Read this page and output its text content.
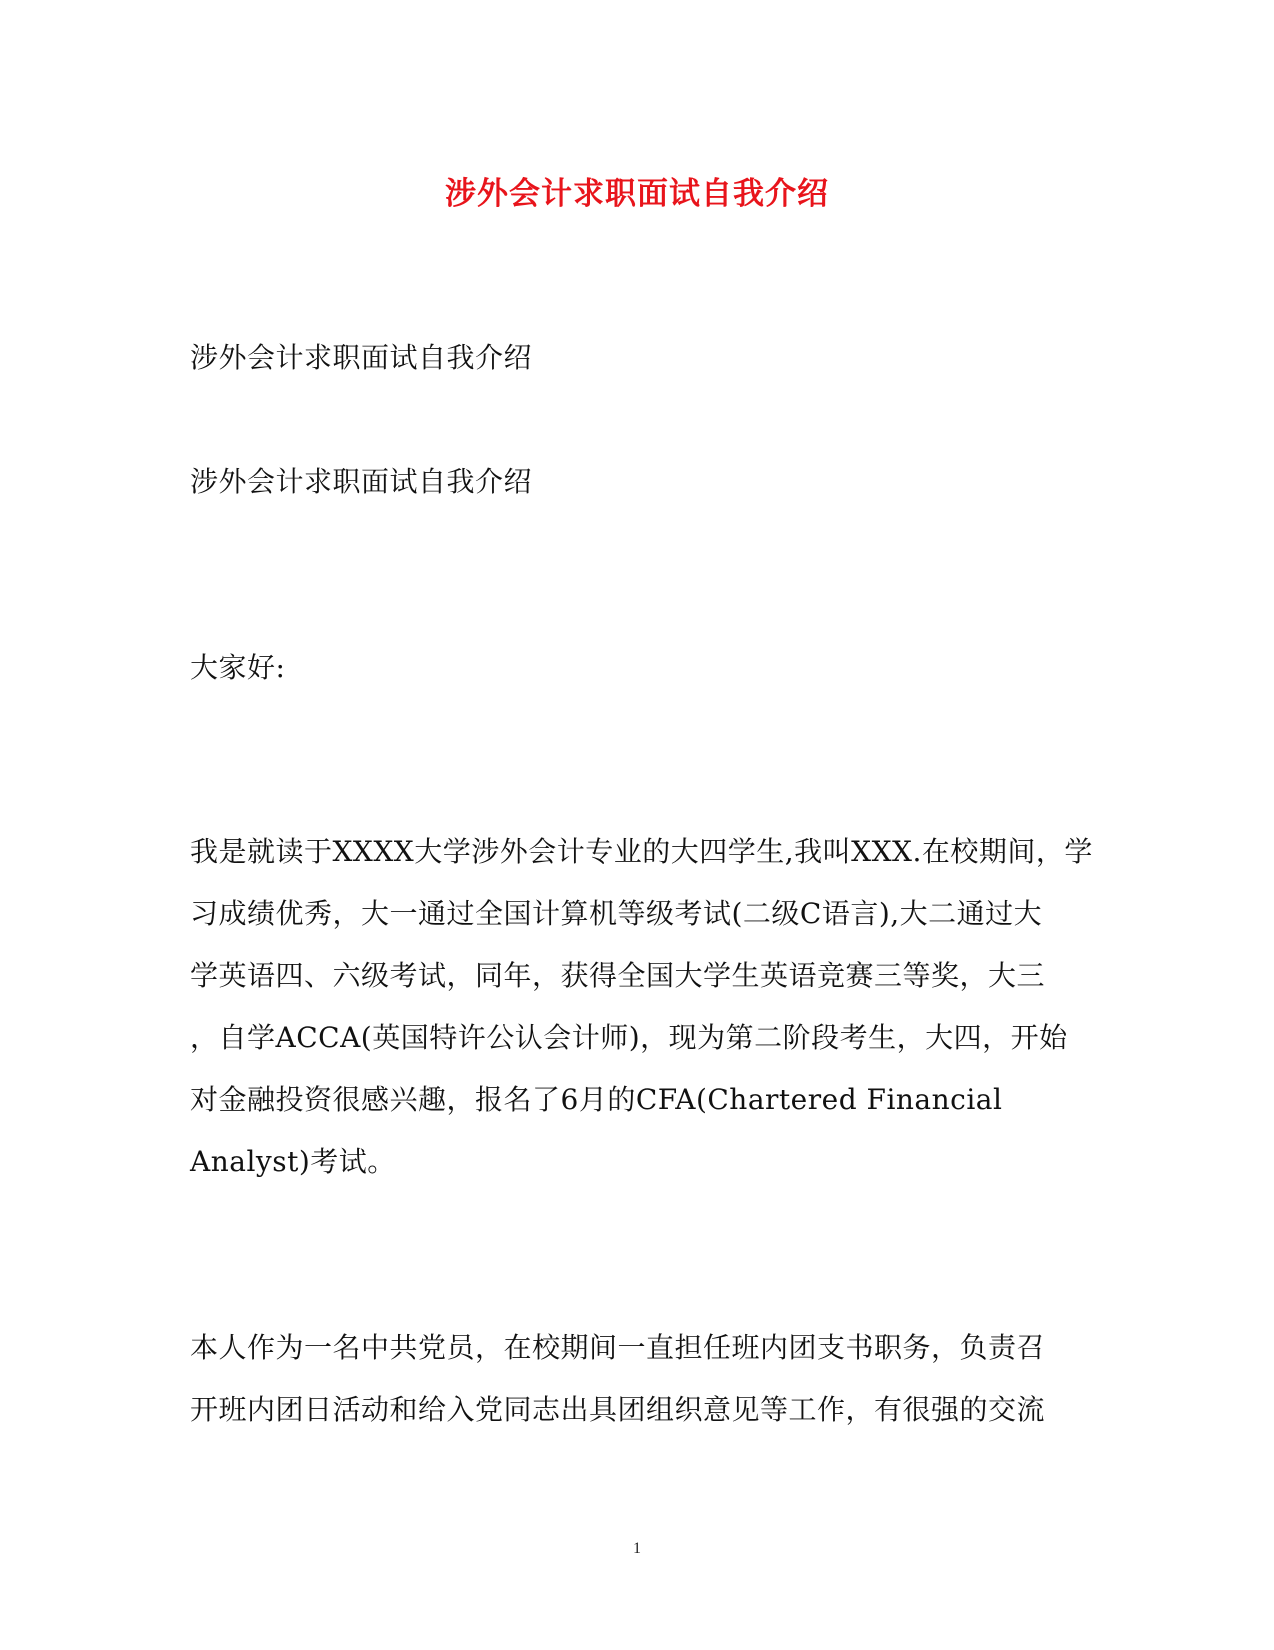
涉外会计求职面试自我介绍
涉外会计求职面试自我介绍
涉外会计求职面试自我介绍
大家好:
我是就读于XXXX大学涉外会计专业的大四学生,我叫XXX.在校期间，学
习成绩优秀，大一通过全国计算机等级考试(二级C语言),大二通过大
学英语四、六级考试，同年，获得全国大学生英语竞赛三等奖，大三
，自学ACCA(英国特许公认会计师)，现为第二阶段考生，大四，开始
对金融投资很感兴趣，报名了6月的CFA(Chartered Financial
Analyst)考试。
本人作为一名中共党员，在校期间一直担任班内团支书职务，负责召
开班内团日活动和给入党同志出具团组织意见等工作，有很强的交流
1
